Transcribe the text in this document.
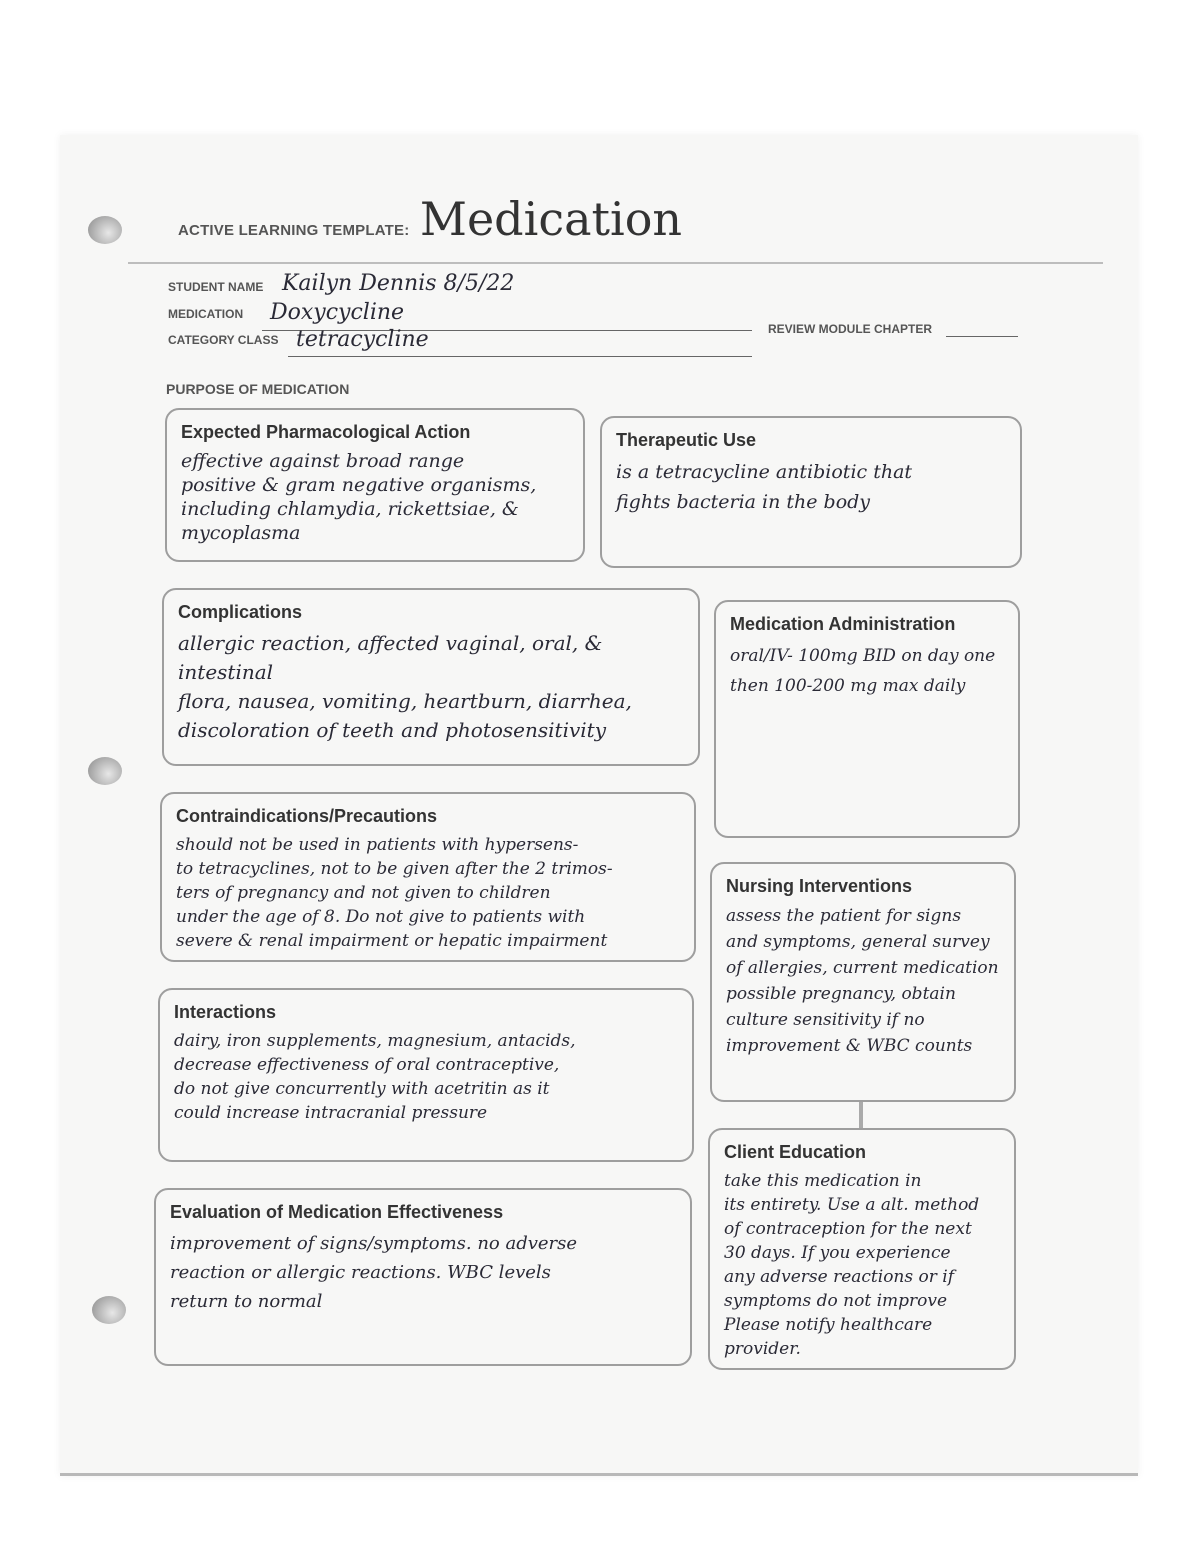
ACTIVE LEARNING TEMPLATE: Medication
STUDENT NAME Kailyn Dennis 8/5/22
MEDICATION Doxycycline
CATEGORY CLASS tetracycline	REVIEW MODULE CHAPTER
PURPOSE OF MEDICATION
Expected Pharmacological Action
effective against broad range
positive & gram negative organisms,
including chlamydia, rickettsiae, &
mycoplasma
Therapeutic Use
is a tetracycline antibiotic that
fights bacteria in the body
Complications
allergic reaction, affected vaginal, oral, & intestinal
flora, nausea, vomiting, heartburn, diarrhea,
discoloration of teeth and photosensitivity
Medication Administration
oral/IV- 100mg BID on day one
then 100-200 mg max daily
Contraindications/Precautions
should not be used in patients with hypersens-
to tetracyclines, not to be given after the 2 trimos-
ters of pregnancy and not given to children
under the age of 8. Do not give to patients with
severe & renal impairment or hepatic impairment
Nursing Interventions
assess the patient for signs
and symptoms, general survey
of allergies, current medication
possible pregnancy, obtain
culture sensitivity if no
improvement & WBC counts
Interactions
dairy, iron supplements, magnesium, antacids,
decrease effectiveness of oral contraceptive,
do not give concurrently with acetritin as it
could increase intracranial pressure
Client Education
take this medication in
its entirety. Use a alt. method
of contraception for the next
30 days. If you experience
any adverse reactions or if
symptoms do not improve
Please notify healthcare
provider.
Evaluation of Medication Effectiveness
improvement of signs/symptoms. no adverse
reaction or allergic reactions. WBC levels
return to normal
